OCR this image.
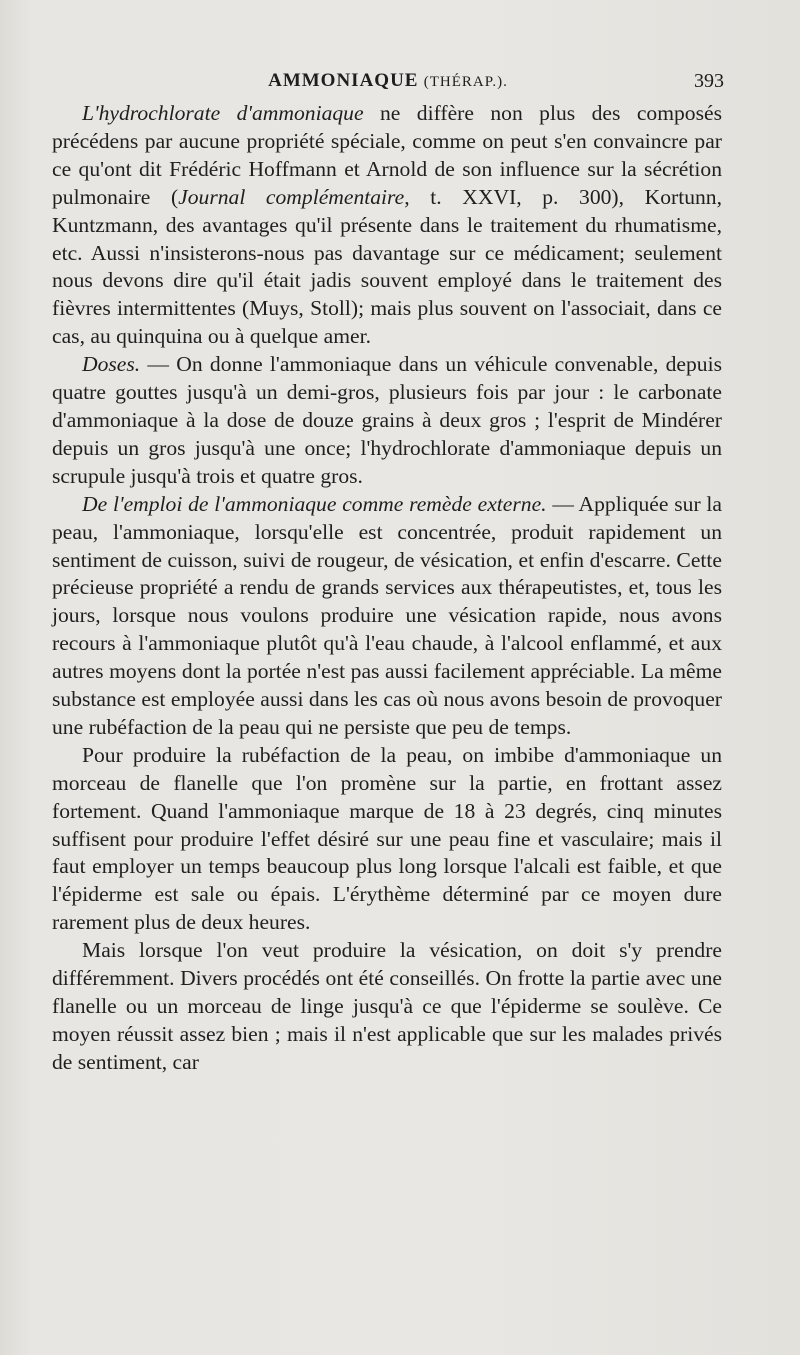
AMMONIAQUE (THÉRAP.).	393

L'hydrochlorate d'ammoniaque ne diffère non plus des composés précédens par aucune propriété spéciale, comme on peut s'en convaincre par ce qu'ont dit Frédéric Hoffmann et Arnold de son influence sur la sécrétion pulmonaire (Journal complémentaire, t. XXVI, p. 300), Kortunn, Kuntzmann, des avantages qu'il présente dans le traitement du rhumatisme, etc. Aussi n'insisterons-nous pas davantage sur ce médicament; seulement nous devons dire qu'il était jadis souvent employé dans le traitement des fièvres intermittentes (Muys, Stoll); mais plus souvent on l'associait, dans ce cas, au quinquina ou à quelque amer.

Doses. — On donne l'ammoniaque dans un véhicule convenable, depuis quatre gouttes jusqu'à un demi-gros, plusieurs fois par jour : le carbonate d'ammoniaque à la dose de douze grains à deux gros ; l'esprit de Mindérer depuis un gros jusqu'à une once; l'hydrochlorate d'ammoniaque depuis un scrupule jusqu'à trois et quatre gros.

De l'emploi de l'ammoniaque comme remède externe. — Appliquée sur la peau, l'ammoniaque, lorsqu'elle est concentrée, produit rapidement un sentiment de cuisson, suivi de rougeur, de vésication, et enfin d'escarre. Cette précieuse propriété a rendu de grands services aux thérapeutistes, et, tous les jours, lorsque nous voulons produire une vésication rapide, nous avons recours à l'ammoniaque plutôt qu'à l'eau chaude, à l'alcool enflammé, et aux autres moyens dont la portée n'est pas aussi facilement appréciable. La même substance est employée aussi dans les cas où nous avons besoin de provoquer une rubéfaction de la peau qui ne persiste que peu de temps.

Pour produire la rubéfaction de la peau, on imbibe d'ammoniaque un morceau de flanelle que l'on promène sur la partie, en frottant assez fortement. Quand l'ammoniaque marque de 18 à 23 degrés, cinq minutes suffisent pour produire l'effet désiré sur une peau fine et vasculaire; mais il faut employer un temps beaucoup plus long lorsque l'alcali est faible, et que l'épiderme est sale ou épais. L'érythème déterminé par ce moyen dure rarement plus de deux heures.

Mais lorsque l'on veut produire la vésication, on doit s'y prendre différemment. Divers procédés ont été conseillés. On frotte la partie avec une flanelle ou un morceau de linge jusqu'à ce que l'épiderme se soulève. Ce moyen réussit assez bien ; mais il n'est applicable que sur les malades privés de sentiment, car
